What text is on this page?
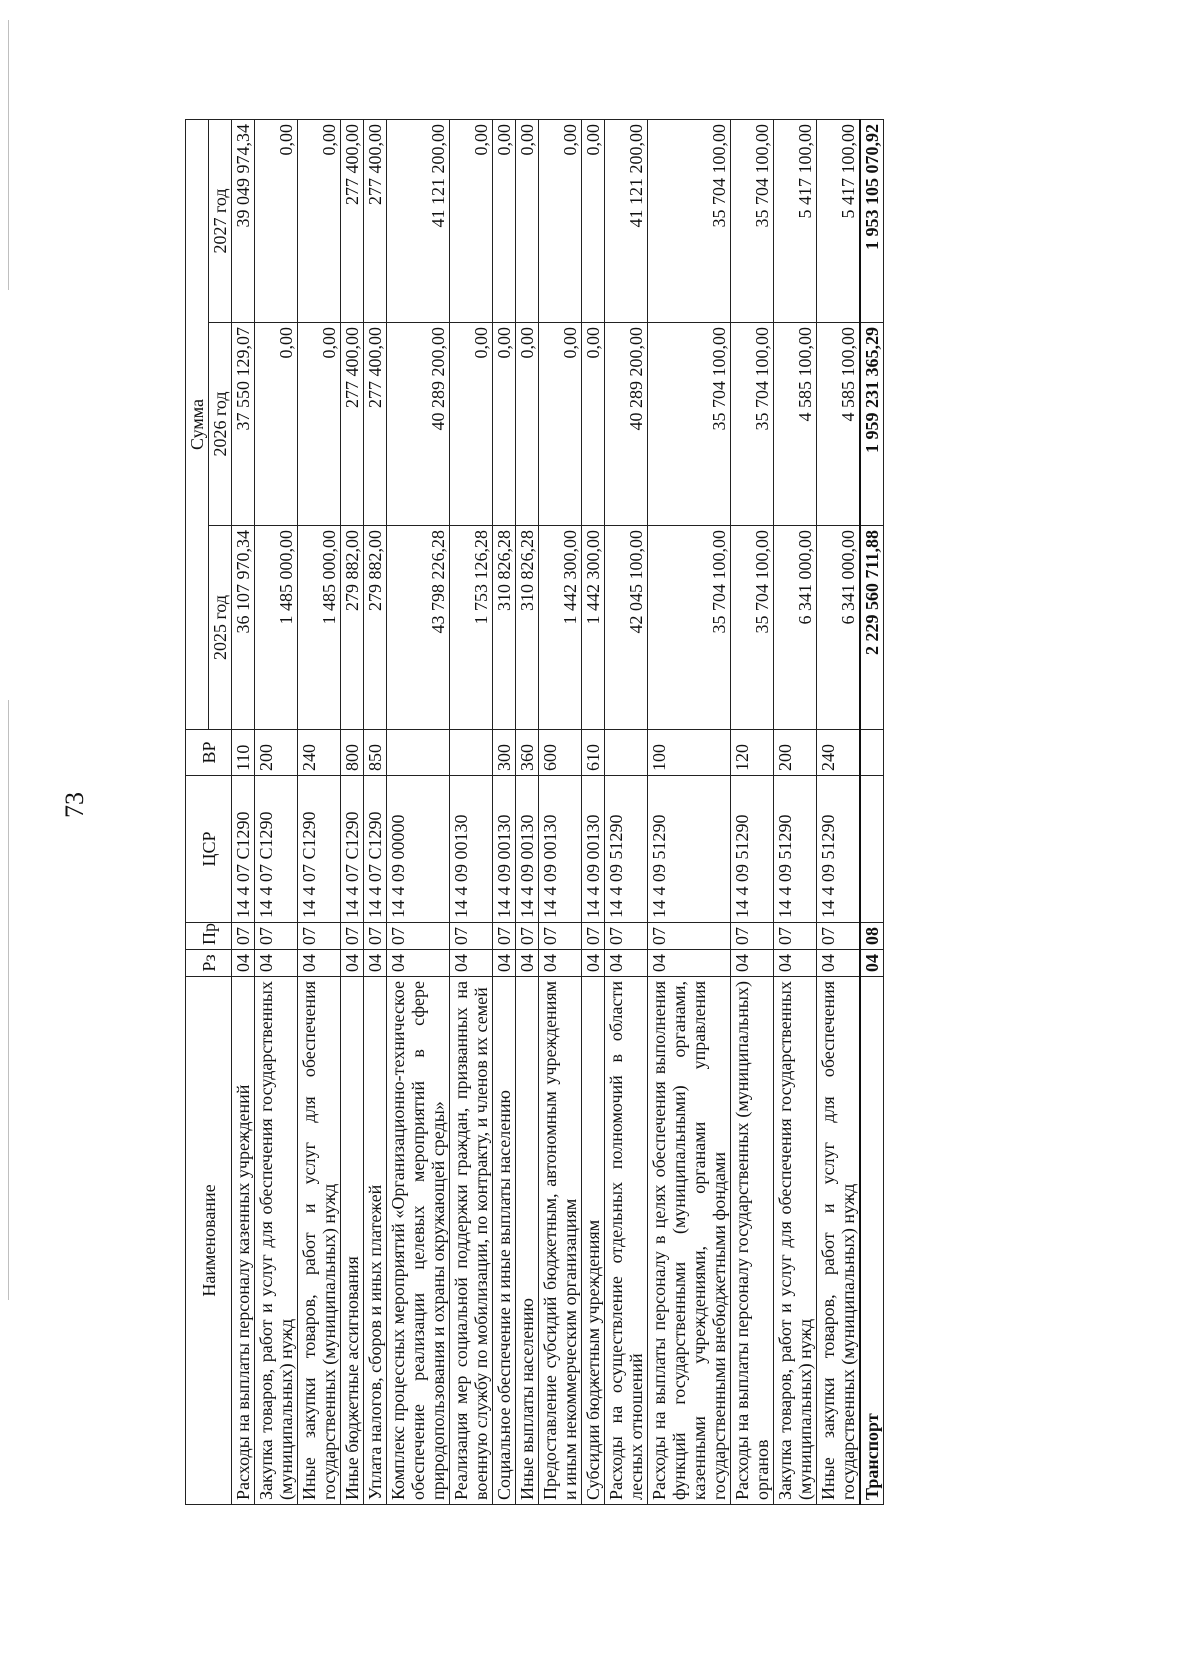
73
Наименование	Рз	Пр	ЦСР	ВР	Сумма		
					2025 год	2026 год	2027 год
Расходы на выплаты персоналу казенных учреждений	04	07	14 4 07 С1290	110	36 107 970,34	37 550 129,07	39 049 974,34
Закупка товаров, работ и услуг для обеспечения государственных (муниципальных) нужд	04	07	14 4 07 С1290	200	1 485 000,00	0,00	0,00
Иные закупки товаров, работ и услуг для обеспечения государственных (муниципальных) нужд	04	07	14 4 07 С1290	240	1 485 000,00	0,00	0,00
Иные бюджетные ассигнования	04	07	14 4 07 С1290	800	279 882,00	277 400,00	277 400,00
Уплата налогов, сборов и иных платежей	04	07	14 4 07 С1290	850	279 882,00	277 400,00	277 400,00
Комплекс процессных мероприятий «Организационно-техническое обеспечение реализации целевых мероприятий в сфере природопользования и охраны окружающей среды»	04	07	14 4 09 00000		43 798 226,28	40 289 200,00	41 121 200,00
Реализация мер социальной поддержки граждан, призванных на военную службу по мобилизации, по контракту, и членов их семей	04	07	14 4 09 00130		1 753 126,28	0,00	0,00
Социальное обеспечение и иные выплаты населению	04	07	14 4 09 00130	300	310 826,28	0,00	0,00
Иные выплаты населению	04	07	14 4 09 00130	360	310 826,28	0,00	0,00
Предоставление субсидий бюджетным, автономным учреждениям и иным некоммерческим организациям	04	07	14 4 09 00130	600	1 442 300,00	0,00	0,00
Субсидии бюджетным учреждениям	04	07	14 4 09 00130	610	1 442 300,00	0,00	0,00
Расходы на осуществление отдельных полномочий в области лесных отношений	04	07	14 4 09 51290		42 045 100,00	40 289 200,00	41 121 200,00
Расходы на выплаты персоналу в целях обеспечения выполнения функций государственными (муниципальными) органами, казенными учреждениями, органами управления государственными внебюджетными фондами	04	07	14 4 09 51290	100	35 704 100,00	35 704 100,00	35 704 100,00
Расходы на выплаты персоналу государственных (муниципальных) органов	04	07	14 4 09 51290	120	35 704 100,00	35 704 100,00	35 704 100,00
Закупка товаров, работ и услуг для обеспечения государственных (муниципальных) нужд	04	07	14 4 09 51290	200	6 341 000,00	4 585 100,00	5 417 100,00
Иные закупки товаров, работ и услуг для обеспечения государственных (муниципальных) нужд	04	07	14 4 09 51290	240	6 341 000,00	4 585 100,00	5 417 100,00
Транспорт	04	08			2 229 560 711,88	1 959 231 365,29	1 953 105 070,92
